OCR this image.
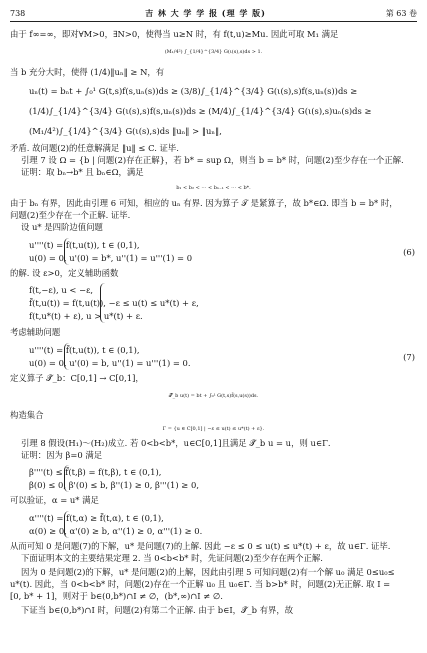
738	吉 林 大 学 学 报 (理 学 版)	第 63 卷
由于 f∞=∞，即对∀M>0，∃N>0，使得当 u≥N 时，有 f(t,u)≥Mu. 因此可取 M₁ 满足
(M₁/4²) ∫_{1/4}^{3/4} G(ι(s),s)ds > 1.
当 b 充分大时，使得 (1/4)‖uₙ‖ ≥ N，有
uₙ(t) = bₙt + ∫₀¹ G(t,s)f(s,uₙ(s))ds ≥ (3/8)∫_{1/4}^{3/4} G(ι(s),s)f(s,uₙ(s))ds ≥
(1/4)∫_{1/4}^{3/4} G(ι(s),s)f(s,uₙ(s))ds ≥ (M/4)∫_{1/4}^{3/4} G(ι(s),s)uₙ(s)ds ≥
(M₁/4²)∫_{1/4}^{3/4} G(ι(s),s)ds ‖uₙ‖ > ‖uₙ‖,
矛盾. 故问题(2)的任意解满足 ‖u‖ ≤ C. 证毕.
引理 7 设 Ω = {b | 问题(2)存在正解}，若 b* = sup Ω，则当 b = b* 时，问题(2)至少存在一个正解.
证明：取 bₙ→b* 且 bₙ∈Ω，满足
b₁ < b₂ < ⋯ < bₙ₋₁ < ⋯ < b*.
由于 bₙ 有界，因此由引理 6 可知，相应的 uₙ 有界. 因为算子 𝒯 是紧算子，故 b*∈Ω. 即当 b = b* 时，
问题(2)至少存在一个正解. 证毕.
设 u* 是四阶边值问题
u''''(t) = f(t,u(t)), t ∈ (0,1),
u(0) = 0, u'(0) = b*, u''(1) = u'''(1) = 0
的解. 设 ε>0，定义辅助函数
f(t,−ε), u < −ε,
f̃(t,u(t)) = f(t,u(t)), −ε ≤ u(t) ≤ u*(t) + ε,
f(t,u*(t) + ε), u > u*(t) + ε.
考虑辅助问题
u''''(t) = f̃(t,u(t)), t ∈ (0,1),
u(0) = 0, u'(0) = b, u''(1) = u'''(1) = 0.
定义算子 𝒯̃_b：C[0,1] → C[0,1]，
𝒯̃_b u(t) = bt + ∫₀¹ G(t,s)f̃(s,u(s))ds.
构造集合
Γ = {u ∈ C[0,1] | −ε ≤ u(t) ≤ u*(t) + ε}.
引理 8 假设(H₁)～(H₂)成立. 若 0<b<b*，u∈C[0,1]且满足 𝒯̃_b u = u，则 u∈Γ.
证明：因为 β=0 满足
β''''(t) ≤ f̃(t,β) = f(t,β), t ∈ (0,1),
β(0) ≤ 0, β'(0) ≤ b, β''(1) ≥ 0, β'''(1) ≥ 0,
可以验证，α = u* 满足
α''''(t) = f(t,α) ≥ f̃(t,α), t ∈ (0,1),
α(0) ≥ 0, α'(0) ≥ b, α''(1) ≥ 0, α'''(1) ≥ 0.
从而可知 0 是问题(7)的下解，u* 是问题(7)的上解. 因此 −ε ≤ 0 ≤ u(t) ≤ u*(t) + ε，故 u∈Γ. 证毕.
下面证明本文的主要结果定理 2. 当 0<b<b* 时，先证问题(2)至少存在两个正解.
因为 0 是问题(2)的下解，u* 是问题(2)的上解，因此由引理 5 可知问题(2)有一个解 u₀ 满足 0≤u₀≤
u*(t). 因此，当 0<b<b* 时，问题(2)存在一个正解 u₀ 且 u₀∈Γ. 当 b>b* 时，问题(2)无正解. 取 I =
[0, b* + 1]，则对于 b∈(0,b*)∩I ≠ ∅，(b*,∞)∩I ≠ ∅.
下证当 b∈(0,b*)∩I 时，问题(2)有第二个正解. 由于 b∈I，𝒯̃_b 有界，故
(6)
(7)
